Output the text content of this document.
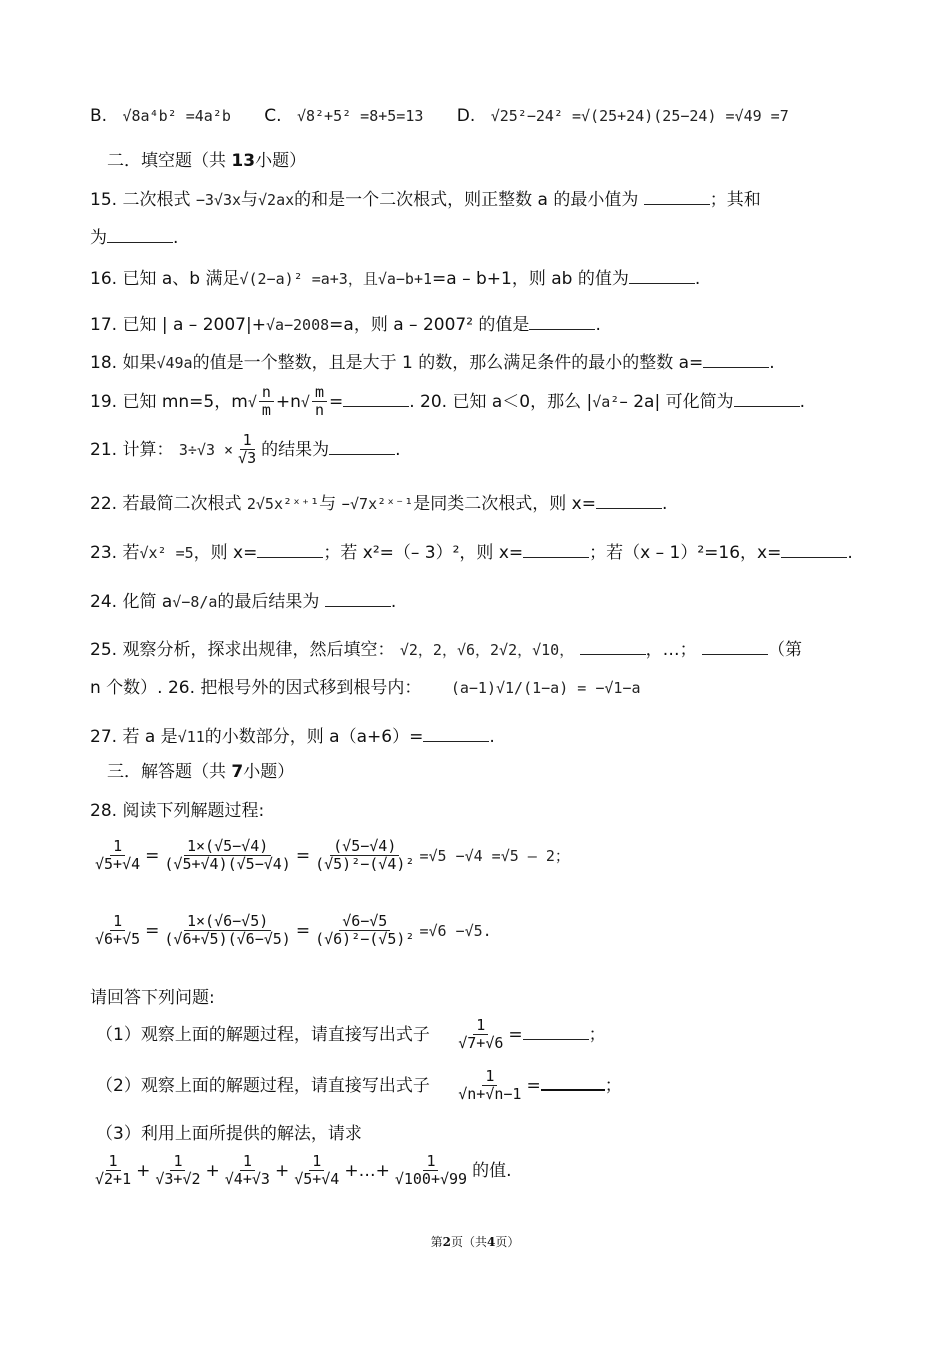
B. √8a⁴b² =4a²b C. √8²+5² =8+5=13 D. √25²−24² =√(25+24)(25−24) =√49 =7
二．填空题（共 13小题）
15. 二次根式 −3√3x与√2ax的和是一个二次根式，则正整数 a 的最小值为	；其和
为	.
16. 已知 a、b 满足√(2−a)² =a+3，且√a−b+1=a – b+1，则 ab 的值为	.
17. 已知 | a – 2007|+√a−2008=a，则 a – 2007² 的值是	.
18. 如果√49a的值是一个整数，且是大于 1 的数，那么满足条件的最小的整数 a=	.
19. 已知 mn=5，$m√ \frac{n}{m} +n√ \frac{m}{n}$ =	. 20. 已知 a＜0，那么 |√a²– 2a| 可化简为	.
21. 计算： $3\div√3 \times \frac{1}{√3}$ 的结果为	.
22. 若最简二次根式 2√5x²ˣ⁺¹与 –√7x²ˣ⁻¹是同类二次根式，则 x=	.
23. 若√x² =5，则 x=	；若 x²=（– 3）²，则 x=	；若（x – 1）²=16，x=	.
24. 化简 a√−8/a的最后结果为	.
25. 观察分析，探求出规律，然后填空： √2，2，√6，2√2，√10，	，…；	（第
n 个数）. 26. 把根号外的因式移到根号内： (a−1)√1/(1−a) = −√1−a
27. 若 a 是√11的小数部分，则 a（a+6）=	.
三．解答题（共 7小题）
28. 阅读下列解题过程:
$\frac{1}{√5+√4} = \frac{1\times(√5-√4)}{(√5+√4)(√5-√4)} = \frac{(√5-√4)}{\text{(√5)²−(√4)²}} =√5 -√4 =√5 - 2$；
$\frac{1}{√6+√5} = \frac{1\times(√6-√5)}{(√6+√5)(√6-√5)} = \frac{√6-√5}{\text{(√6)²−(√5)²}} =√6 -√5$.
请回答下列问题:
（1）观察上面的解题过程，请直接写出式子 $\frac{1}{√7+√6}$ =	；
（2）观察上面的解题过程，请直接写出式子 $\frac{1}{√n+√n-1}$ =	；
（3）利用上面所提供的解法，请求
$\frac{1}{√2+1} + \frac{1}{√3+√2} + \frac{1}{√4+√3} + \frac{1}{√5+√4}$ +…+ $\frac{1}{√100+√99}$ 的值.
第2页（共4页）
